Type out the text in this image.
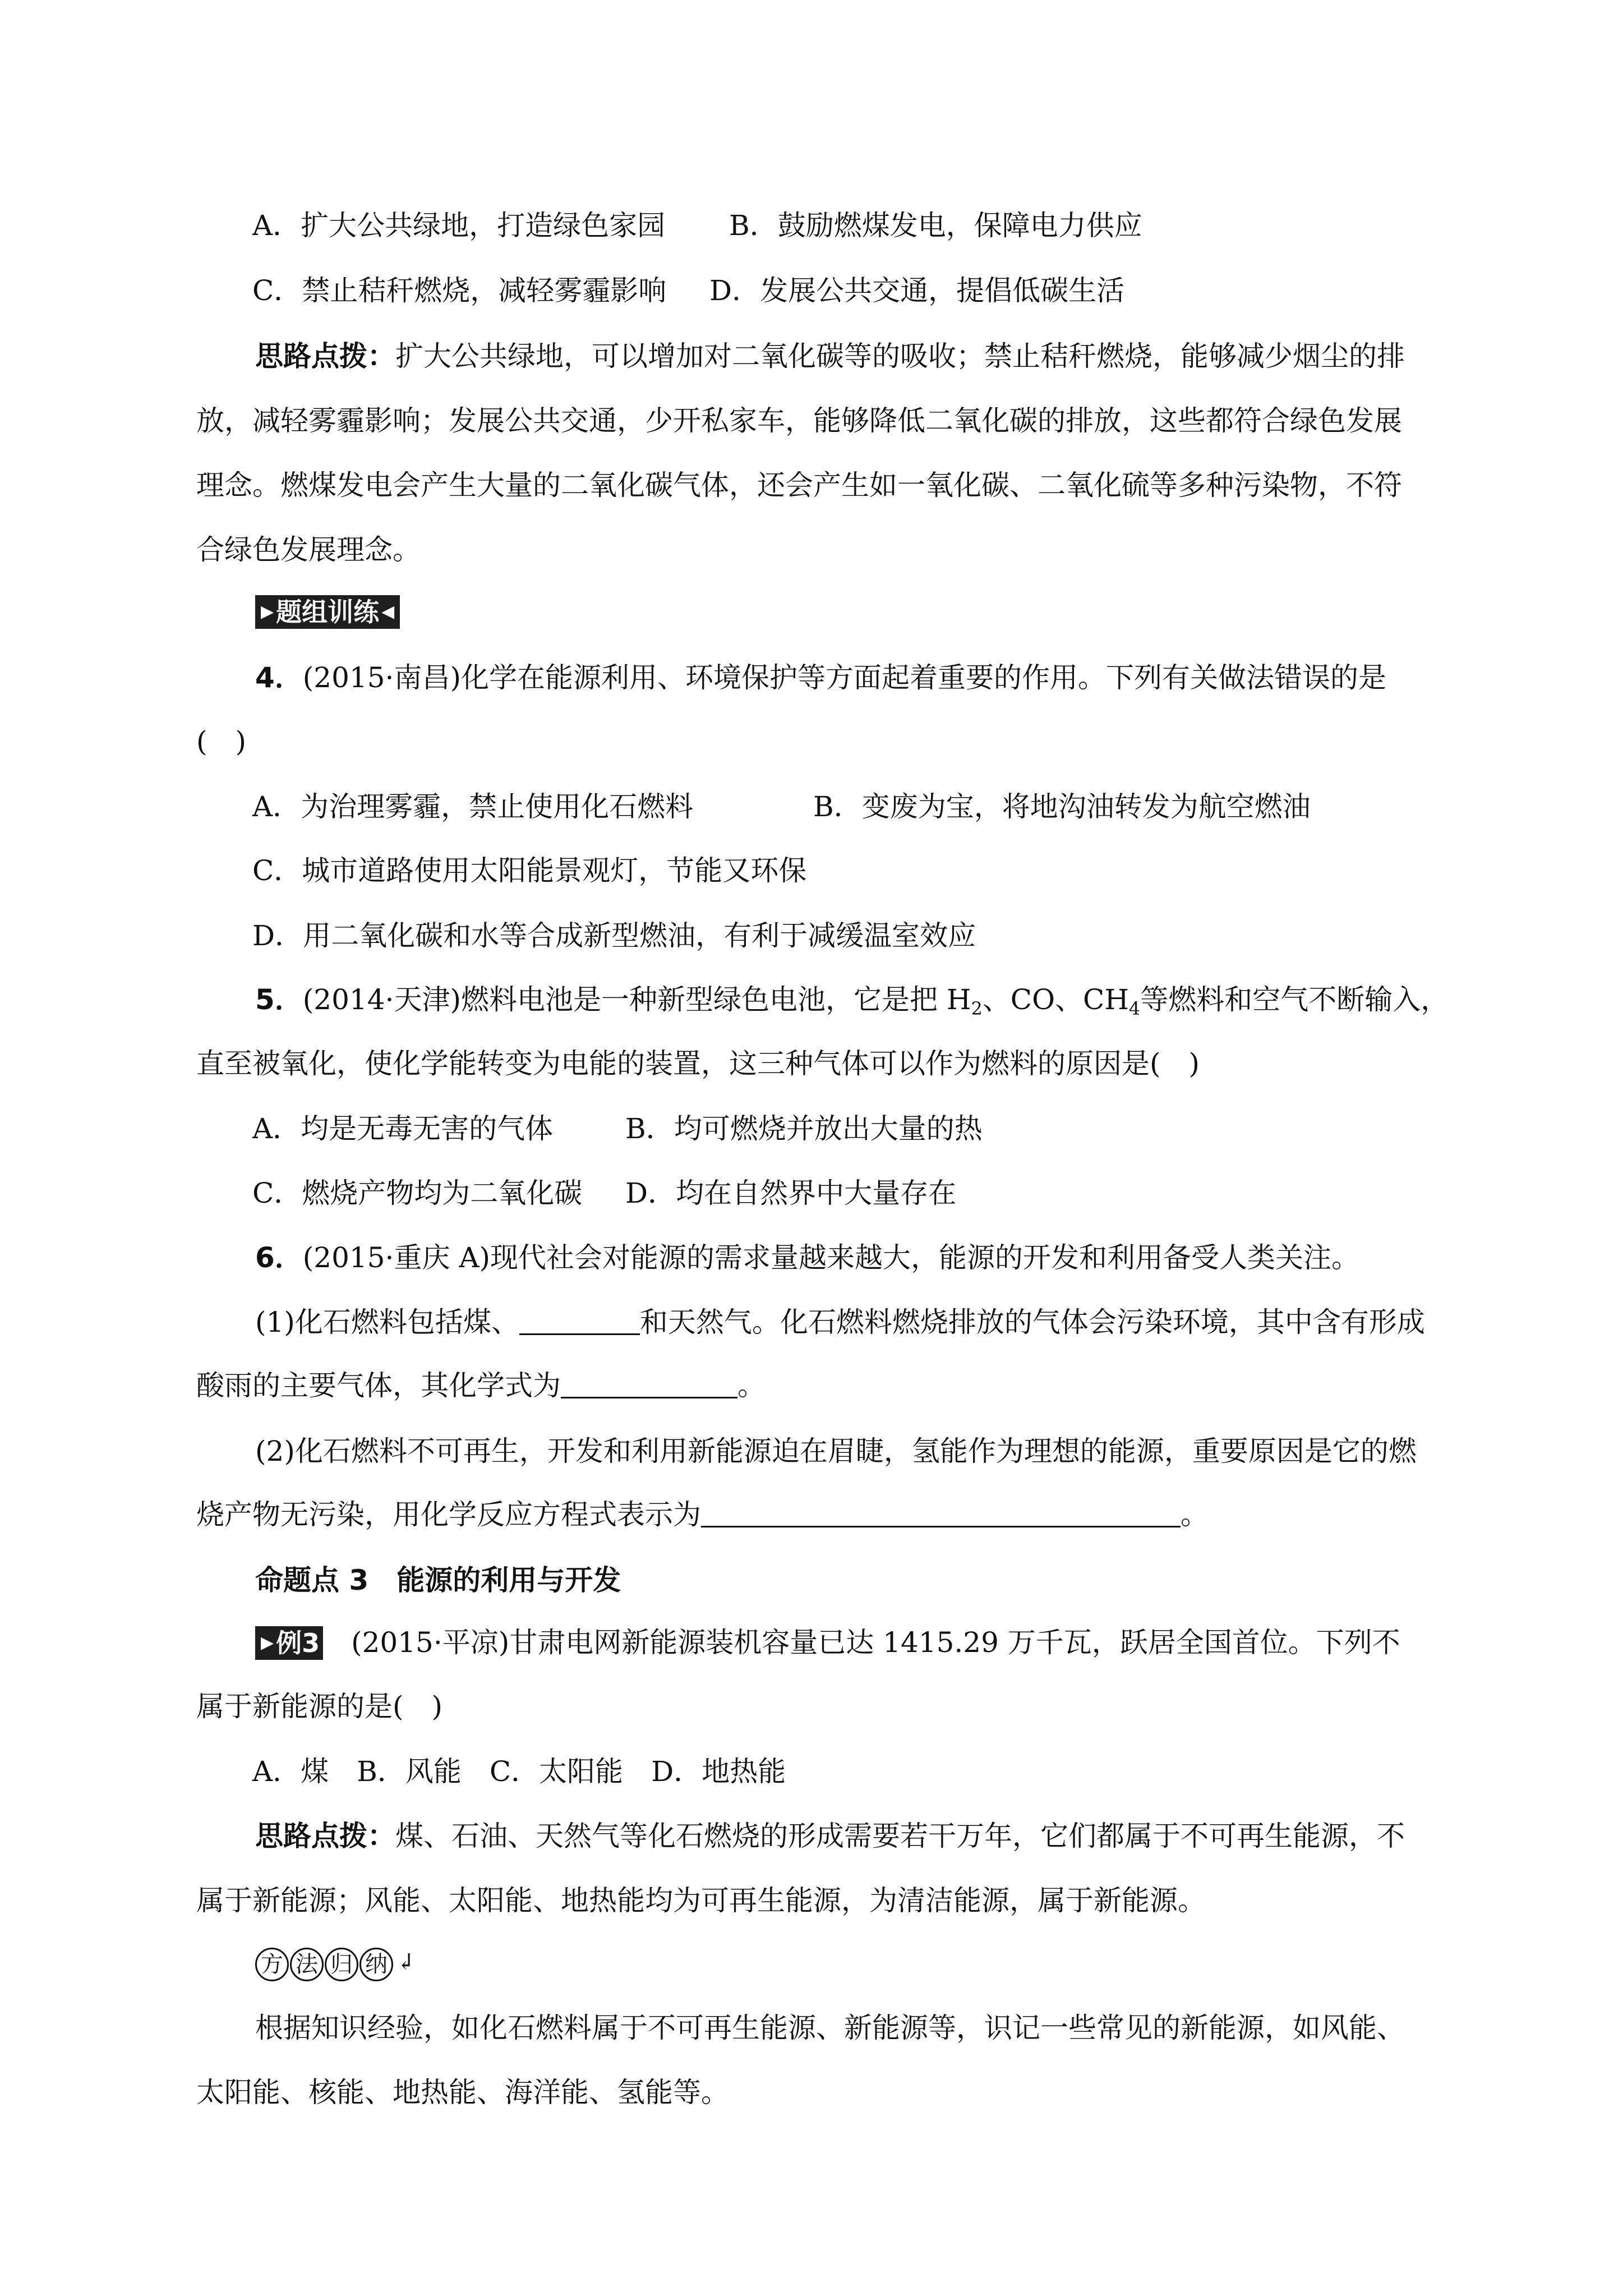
A．扩大公共绿地，打造绿色家园 B．鼓励燃煤发电，保障电力供应
C．禁止秸秆燃烧，减轻雾霾影响 D．发展公共交通，提倡低碳生活
思路点拨：扩大公共绿地，可以增加对二氧化碳等的吸收；禁止秸秆燃烧，能够减少烟尘的排
放，减轻雾霾影响；发展公共交通，少开私家车，能够降低二氧化碳的排放，这些都符合绿色发展
理念。燃煤发电会产生大量的二氧化碳气体，还会产生如一氧化碳、二氧化硫等多种污染物，不符
合绿色发展理念。
▶题组训练 ◀
4．(2015·南昌)化学在能源利用、环境保护等方面起着重要的作用。下列有关做法错误的是
(　)
A．为治理雾霾，禁止使用化石燃料	B．变废为宝，将地沟油转发为航空燃油
C．城市道路使用太阳能景观灯，节能又环保
D．用二氧化碳和水等合成新型燃油，有利于减缓温室效应
5．(2014·天津)燃料电池是一种新型绿色电池，它是把 $H_2$、CO、$CH_4$等燃料和空气不断输入，
直至被氧化，使化学能转变为电能的装置，这三种气体可以作为燃料的原因是(　)
A．均是无毒无害的气体	B．均可燃烧并放出大量的热
C．燃烧产物均为二氧化碳 D．均在自然界中大量存在
6．(2015·重庆 A)现代社会对能源的需求量越来越大，能源的开发和利用备受人类关注。
(1)化石燃料包括煤、	和天然气。化石燃料燃烧排放的气体会污染环境，其中含有形成
酸雨的主要气体，其化学式为	。
(2)化石燃料不可再生，开发和利用新能源迫在眉睫，氢能作为理想的能源，重要原因是它的燃
烧产物无污染，用化学反应方程式表示为	。
命题点 3　能源的利用与开发
▶例3 (2015·平凉)甘肃电网新能源装机容量已达 1415.29 万千瓦，跃居全国首位。下列不
属于新能源的是(　)
A．煤　B．风能　C．太阳能　D．地热能
思路点拨：煤、石油、天然气等化石燃烧的形成需要若干万年，它们都属于不可再生能源，不
属于新能源；风能、太阳能、地热能均为可再生能源，为清洁能源，属于新能源。
方 法 归 纳 ↲
根据知识经验，如化石燃料属于不可再生能源、新能源等，识记一些常见的新能源，如风能、
太阳能、核能、地热能、海洋能、氢能等。
